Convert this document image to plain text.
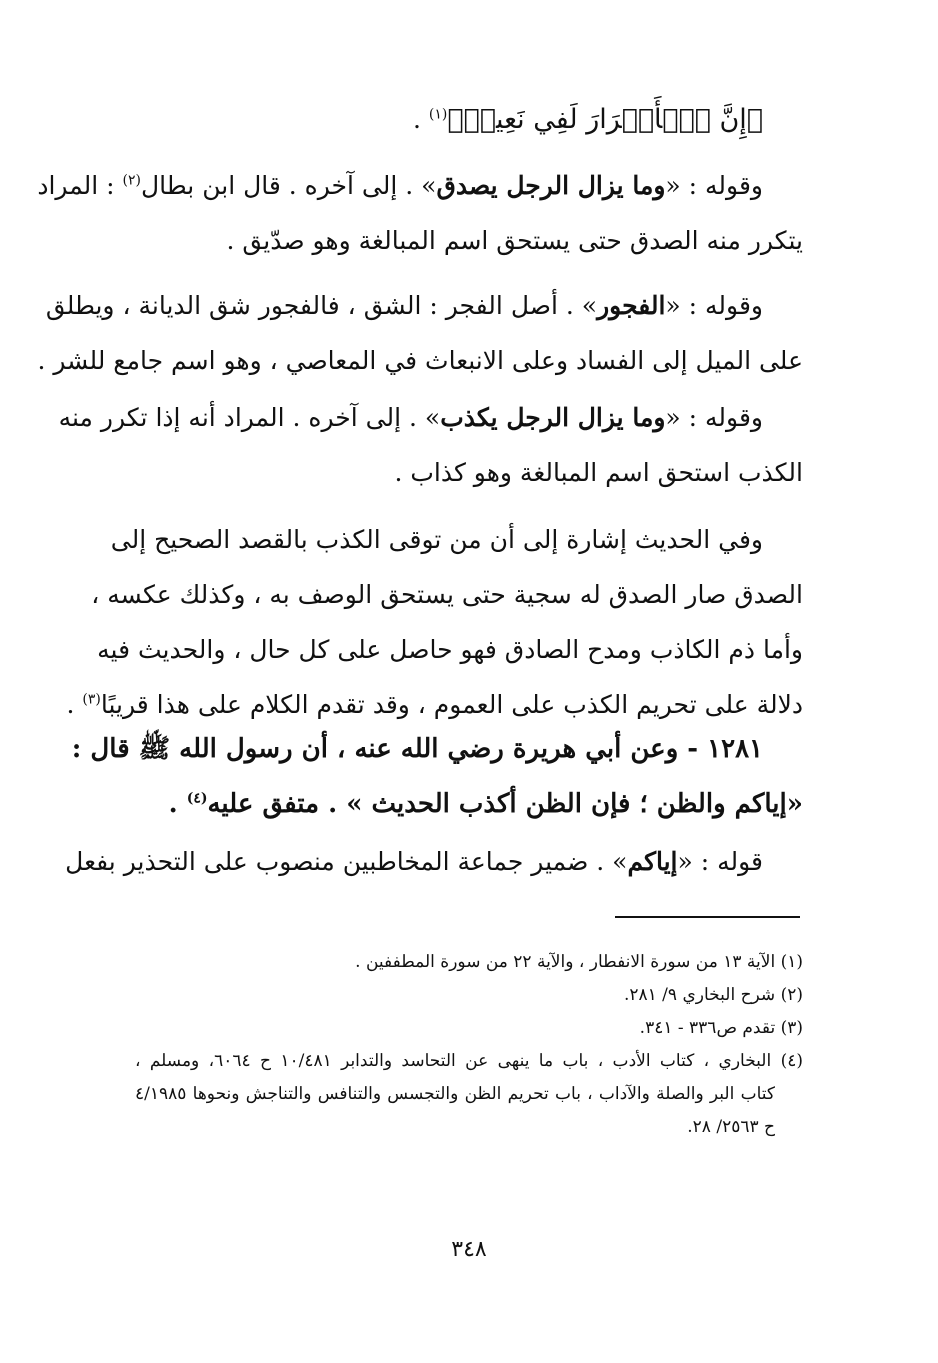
﴿إِنَّ ٱلۡأَبۡرَارَ لَفِي نَعِيمٖ﴾$^{(١)}$ .
وقوله : «وما يزال الرجل يصدق» . إلى آخره . قال ابن بطال$^{(٢)}$ : المراد
يتكرر منه الصدق حتى يستحق اسم المبالغة وهو صدّيق .
وقوله : «الفجور» . أصل الفجر : الشق ، فالفجور شق الديانة ، ويطلق
على الميل إلى الفساد وعلى الانبعاث في المعاصي ، وهو اسم جامع للشر .
وقوله : «وما يزال الرجل يكذب» . إلى آخره . المراد أنه إذا تكرر منه
الكذب استحق اسم المبالغة وهو كذاب .
وفي الحديث إشارة إلى أن من توقى الكذب بالقصد الصحيح إلى
الصدق صار الصدق له سجية حتى يستحق الوصف به ، وكذلك عكسه ،
وأما ذم الكاذب ومدح الصادق فهو حاصل على كل حال ، والحديث فيه
دلالة على تحريم الكذب على العموم ، وقد تقدم الكلام على هذا قريبًا$^{(٣)}$ .
١٢٨١ - وعن أبي هريرة رضي الله عنه ، أن رسول الله ﷺ قال :
«إياكم والظن ؛ فإن الظن أكذب الحديث » . متفق عليه$^{(٤)}$ .
قوله : «إياكم» . ضمير جماعة المخاطبين منصوب على التحذير بفعل
(١) الآية ١٣ من سورة الانفطار ، والآية ٢٢ من سورة المطففين .
(٢) شرح البخاري ٩/ ٢٨١.
(٣) تقدم ص٣٣٦ - ٣٤١.
(٤) البخاري ، كتاب الأدب ، باب ما ينهى عن التحاسد والتدابر ١٠/٤٨١ ح ٦٠٦٤، ومسلم ،
كتاب البر والصلة والآداب ، باب تحريم الظن والتجسس والتنافس والتناجش ونحوها ٤/١٩٨٥
ح ٢٥٦٣/ ٢٨.
٣٤٨
